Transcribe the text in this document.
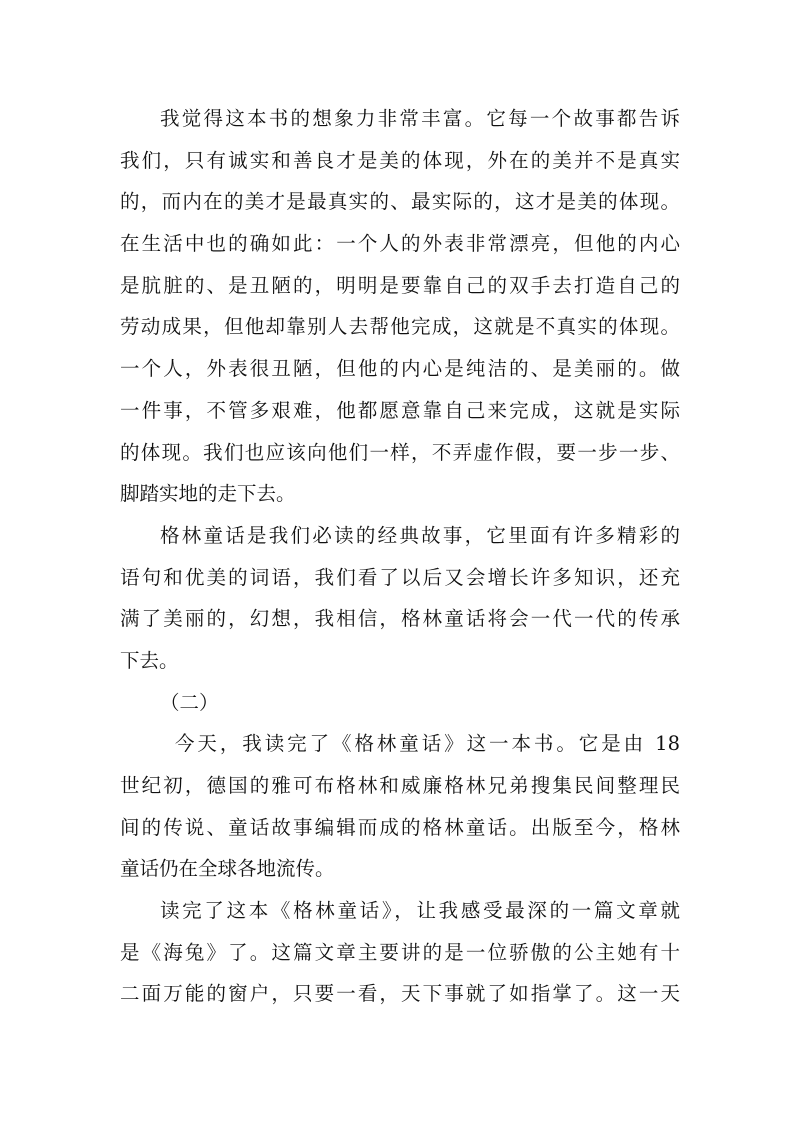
我觉得这本书的想象力非常丰富。它每一个故事都告诉
我们，只有诚实和善良才是美的体现，外在的美并不是真实
的，而内在的美才是最真实的、最实际的，这才是美的体现。
在生活中也的确如此：一个人的外表非常漂亮，但他的内心
是肮脏的、是丑陋的，明明是要靠自己的双手去打造自己的
劳动成果，但他却靠别人去帮他完成，这就是不真实的体现。
一个人，外表很丑陋，但他的内心是纯洁的、是美丽的。做
一件事，不管多艰难，他都愿意靠自己来完成，这就是实际
的体现。我们也应该向他们一样，不弄虚作假，要一步一步、
脚踏实地的走下去。
格林童话是我们必读的经典故事，它里面有许多精彩的
语句和优美的词语，我们看了以后又会增长许多知识，还充
满了美丽的，幻想，我相信，格林童话将会一代一代的传承
下去。
（二）
今天，我读完了《格林童话》这一本书。它是由 18
世纪初，德国的雅可布格林和威廉格林兄弟搜集民间整理民
间的传说、童话故事编辑而成的格林童话。出版至今，格林
童话仍在全球各地流传。
读完了这本《格林童话》，让我感受最深的一篇文章就
是《海兔》了。这篇文章主要讲的是一位骄傲的公主她有十
二面万能的窗户，只要一看，天下事就了如指掌了。这一天
